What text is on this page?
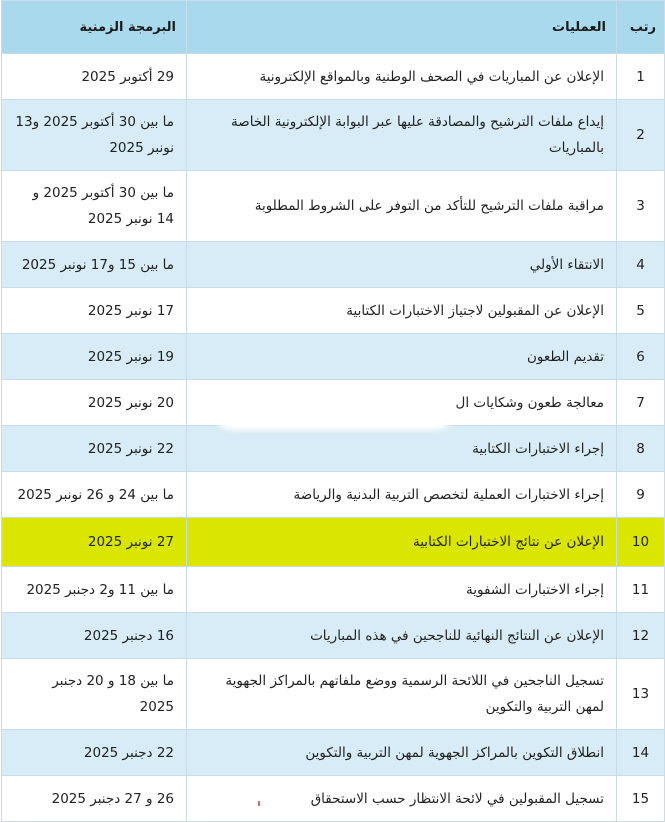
رتب	العمليات	البرمجة الزمنية
1	الإعلان عن المباريات في الصحف الوطنية وبالمواقع الإلكترونية	29 أكتوبر 2025
2	إيداع ملفات الترشيح والمصادقة عليها عبر البوابة الإلكترونية الخاصة بالمباريات	ما بين 30 أكتوبر 2025 و13 نونبر 2025
3	مراقبة ملفات الترشيح للتأكد من التوفر على الشروط المطلوبة	ما بين 30 أكتوبر 2025 و 14 نونبر 2025
4	الانتقاء الأولي	ما بين 15 و17 نونبر 2025
5	الإعلان عن المقبولين لاجتياز الاختبارات الكتابية	17 نونبر 2025
6	تقديم الطعون	19 نونبر 2025
7	معالجة طعون وشكايات ال	20 نونبر 2025
8	إجراء الاختبارات الكتابية	22 نونبر 2025
9	إجراء الاختبارات العملية لتخصص التربية البدنية والرياضة	ما بين 24 و 26 نونبر 2025
10	الإعلان عن نتائج الاختبارات الكتابية	27 نونبر 2025
11	إجراء الاختبارات الشفوية	ما بين 11 و2 دجنبر 2025
12	الإعلان عن النتائج النهائية للناجحين في هذه المباريات	16 دجنبر 2025
13	تسجيل الناجحين في اللائحة الرسمية ووضع ملفاتهم بالمراكز الجهوية لمهن التربية والتكوين	ما بين 18 و 20 دجنبر 2025
14	انطلاق التكوين بالمراكز الجهوية لمهن التربية والتكوين	22 دجنبر 2025
15	تسجيل المقبولين في لائحة الانتظار حسب الاستحقاق	26 و 27 دجنبر 2025
